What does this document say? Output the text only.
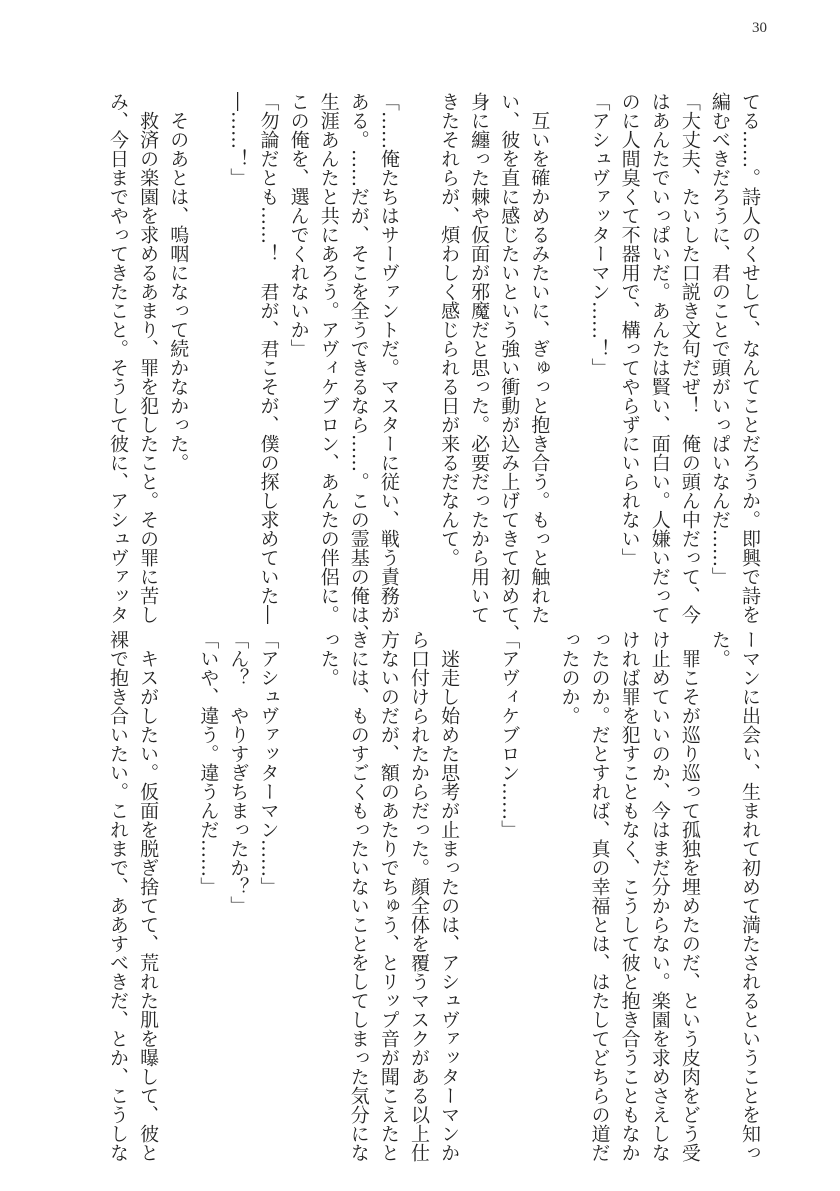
30
てる……。詩人のくせして、なんてことだろうか。即興で詩を
編むべきだろうに、君のことで頭がいっぱいなんだ……」
「大丈夫、たいした口説き文句だぜ！　俺の頭ん中だって、今
はあんたでいっぱいだ。あんたは賢い、面白い。人嫌いだって
のに人間臭くて不器用で、構ってやらずにいられない」
「アシュヴァッターマン……！」
　互いを確かめるみたいに、ぎゅっと抱き合う。もっと触れた
い、彼を直に感じたいという強い衝動が込み上げてきて初めて、
身に纏った棘や仮面が邪魔だと思った。必要だったから用いて
きたそれらが、煩わしく感じられる日が来るだなんて。
「……俺たちはサーヴァントだ。マスターに従い、戦う責務が
ある。……だが、そこを全うできるなら……。この霊基の俺は、
生涯あんたと共にあろう。アヴィケブロン、あんたの伴侶に。
この俺を、選んでくれないか」
「勿論だとも……！　君が、君こそが、僕の探し求めていた―
―……！」
　そのあとは、嗚咽になって続かなかった。
　救済の楽園を求めるあまり、罪を犯したこと。その罪に苦し
み、今日までやってきたこと。そうして彼に、アシュヴァッタ
ーマンに出会い、生まれて初めて満たされるということを知っ
た。
　罪こそが巡り巡って孤独を埋めたのだ、という皮肉をどう受
け止めていいのか、今はまだ分からない。楽園を求めさえしな
ければ罪を犯すこともなく、こうして彼と抱き合うこともなか
ったのか。だとすれば、真の幸福とは、はたしてどちらの道だ
ったのか。
「アヴィケブロン……」
　迷走し始めた思考が止まったのは、アシュヴァッターマンか
ら口付けられたからだった。顔全体を覆うマスクがある以上仕
方ないのだが、額のあたりでちゅう、とリップ音が聞こえたと
きには、ものすごくもったいないことをしてしまった気分にな
った。
「アシュヴァッターマン……」
「ん？　やりすぎちまったか？」
「いや、違う。違うんだ……」
　キスがしたい。仮面を脱ぎ捨てて、荒れた肌を曝して、彼と
裸で抱き合いたい。これまで、ああすべきだ、とか、こうしな
